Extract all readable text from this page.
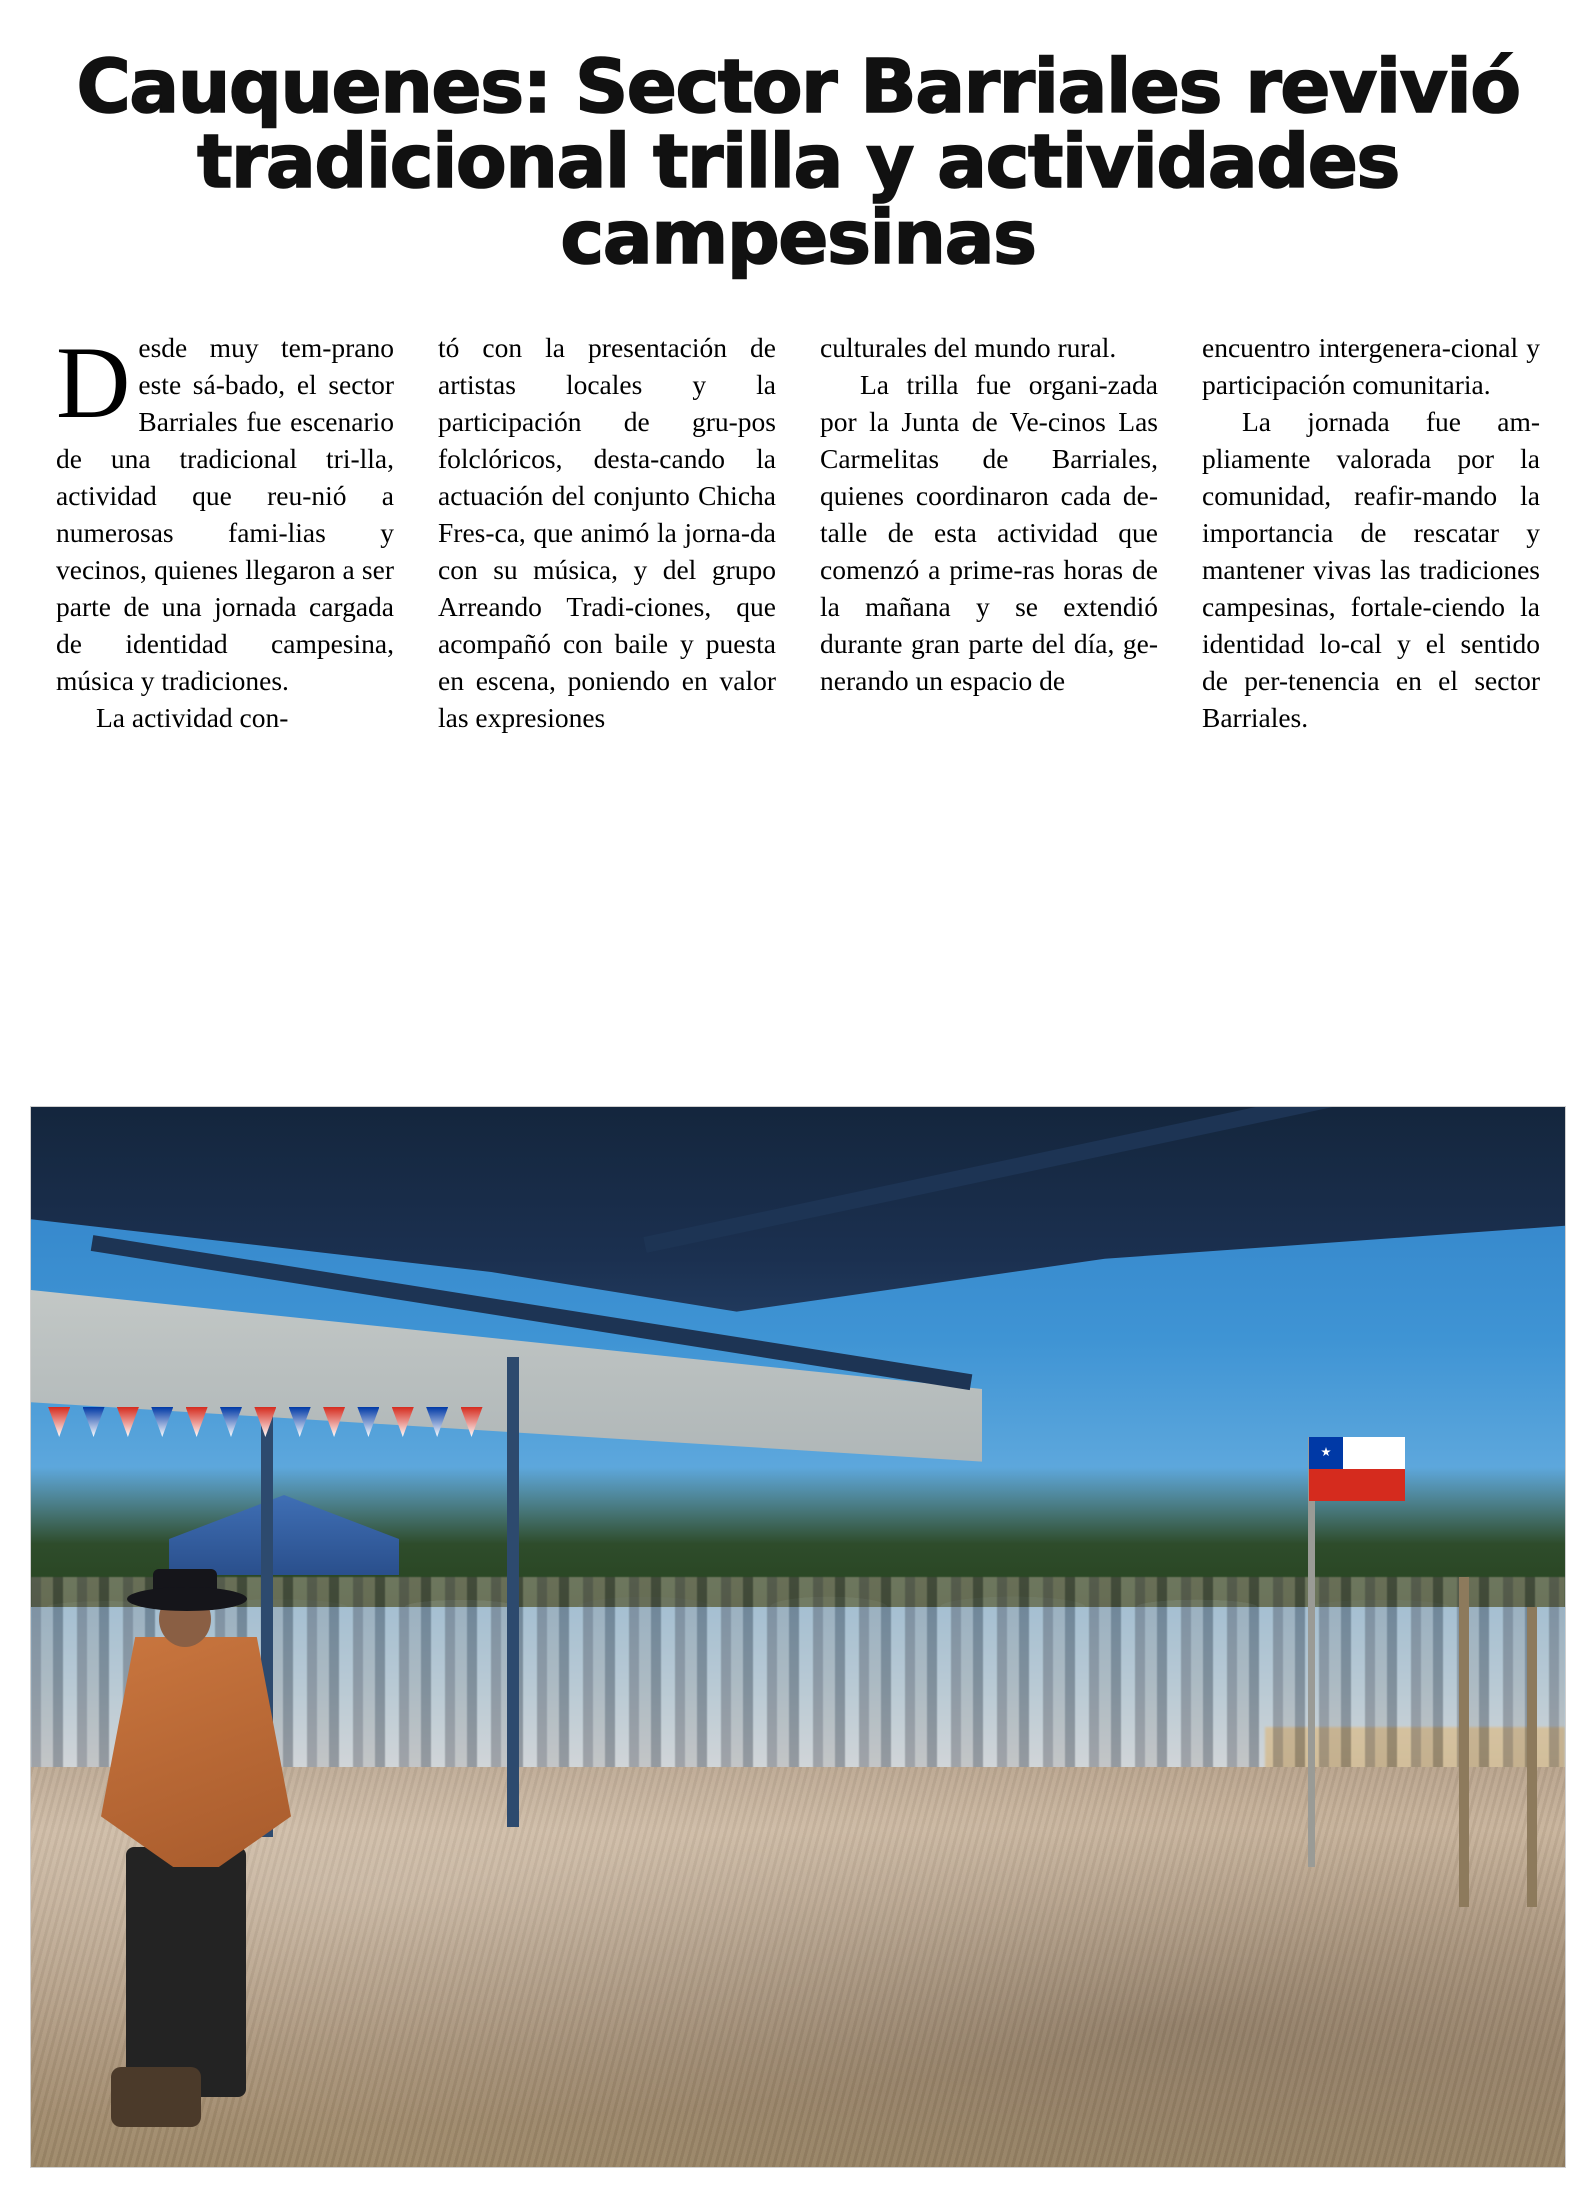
Cauquenes: Sector Barriales revivió
tradicional trilla y actividades
campesinas

Desde muy tem-prano este sá-bado, el sector Barriales fue escenario de una tradicional tri-lla, actividad que reu-nió a numerosas fami-lias y vecinos, quienes llegaron a ser parte de una jornada cargada de identidad campesina, música y tradiciones.

La actividad con-

tó con la presentación de artistas locales y la participación de gru-pos folclóricos, desta-cando la actuación del conjunto Chicha Fres-ca, que animó la jorna-da con su música, y del grupo Arreando Tradi-ciones, que acompañó con baile y puesta en escena, poniendo en valor las expresiones

culturales del mundo rural.

La trilla fue organi-zada por la Junta de Ve-cinos Las Carmelitas de Barriales, quienes coordinaron cada de-talle de esta actividad que comenzó a prime-ras horas de la mañana y se extendió durante gran parte del día, ge-nerando un espacio de

encuentro intergenera-cional y participación comunitaria.

La jornada fue am-pliamente valorada por la comunidad, reafir-mando la importancia de rescatar y mantener vivas las tradiciones campesinas, fortale-ciendo la identidad lo-cal y el sentido de per-tenencia en el sector Barriales.
